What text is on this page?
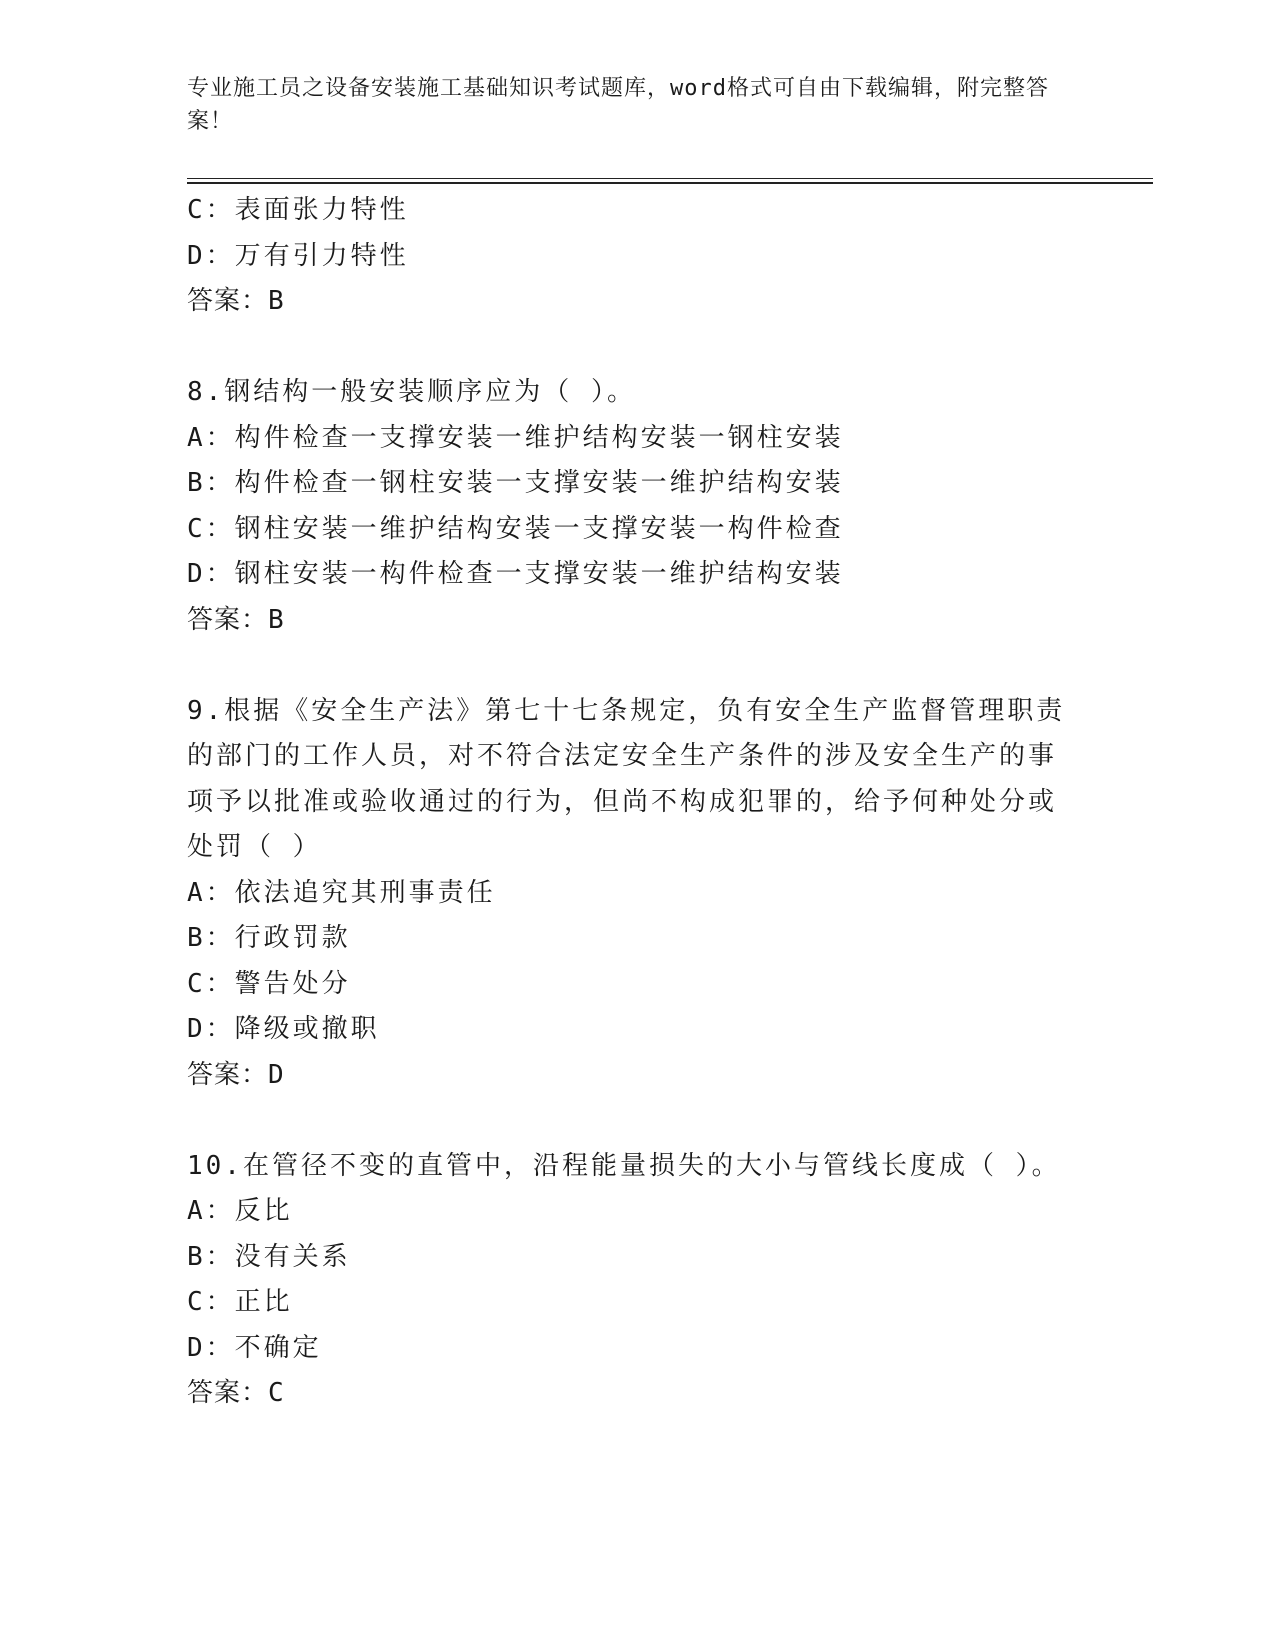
专业施工员之设备安装施工基础知识考试题库，word格式可自由下载编辑，附完整答案！
C：表面张力特性
D：万有引力特性
答案：B
8.钢结构一般安装顺序应为（ ）。
A：构件检查一支撑安装一维护结构安装一钢柱安装
B：构件检查一钢柱安装一支撑安装一维护结构安装
C：钢柱安装一维护结构安装一支撑安装一构件检查
D：钢柱安装一构件检查一支撑安装一维护结构安装
答案：B
9.根据《安全生产法》第七十七条规定，负有安全生产监督管理职责
的部门的工作人员，对不符合法定安全生产条件的涉及安全生产的事
项予以批准或验收通过的行为，但尚不构成犯罪的，给予何种处分或
处罚（ ）
A：依法追究其刑事责任
B：行政罚款
C：警告处分
D：降级或撤职
答案：D
10.在管径不变的直管中，沿程能量损失的大小与管线长度成（ ）。
A：反比
B：没有关系
C：正比
D：不确定
答案：C
